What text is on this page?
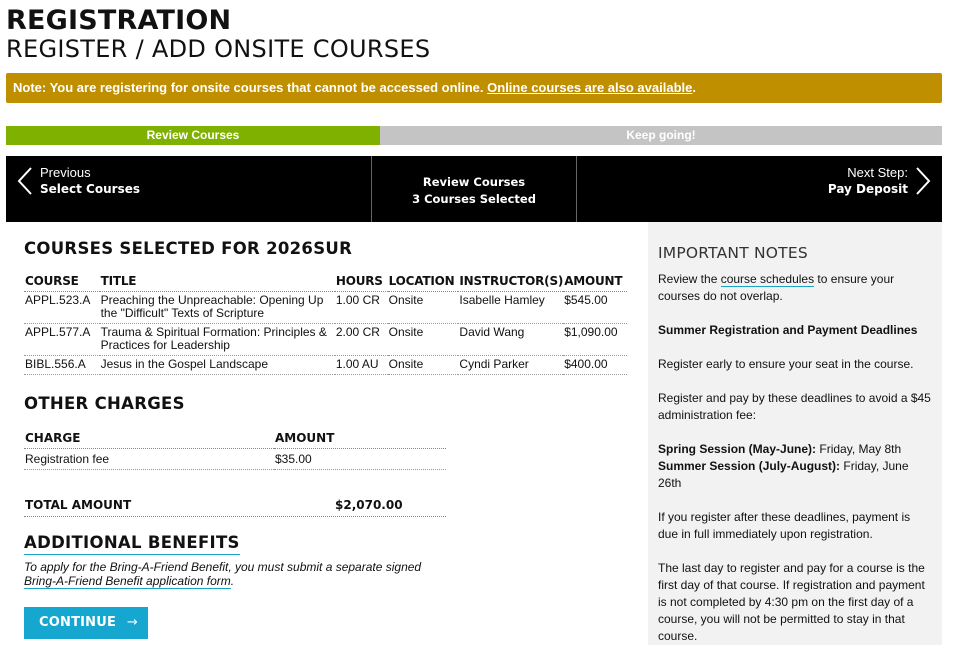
REGISTRATION
REGISTER / ADD ONSITE COURSES
Note: You are registering for onsite courses that cannot be accessed online. Online courses are also available.
Review Courses	Keep going!
Previous
Select Courses	Review Courses
3 Courses Selected
Next Step:
Pay Deposit
COURSES SELECTED FOR 2026SUR
COURSE	TITLE	HOURS	LOCATION	INSTRUCTOR(S)	AMOUNT
APPL.523.A	Preaching the Unpreachable: Opening Up the "Difficult" Texts of Scripture	1.00 CR	Onsite	Isabelle Hamley	$545.00
APPL.577.A	Trauma & Spiritual Formation: Principles & Practices for Leadership	2.00 CR	Onsite	David Wang	$1,090.00
BIBL.556.A	Jesus in the Gospel Landscape	1.00 AU	Onsite	Cyndi Parker	$400.00
OTHER CHARGES
CHARGE	AMOUNT
Registration fee	$35.00
TOTAL AMOUNT	$2,070.00
ADDITIONAL BENEFITS
To apply for the Bring-A-Friend Benefit, you must submit a separate signed Bring-A-Friend Benefit application form.
CONTINUE →
IMPORTANT NOTES

Review the course schedules to ensure your courses do not overlap.

Summer Registration and Payment Deadlines

Register early to ensure your seat in the course.

Register and pay by these deadlines to avoid a $45 administration fee:

Spring Session (May-June): Friday, May 8th

Summer Session (July-August): Friday, June 26th

If you register after these deadlines, payment is due in full immediately upon registration.

The last day to register and pay for a course is the first day of that course. If registration and payment is not completed by 4:30 pm on the first day of a course, you will not be permitted to stay in that course.
